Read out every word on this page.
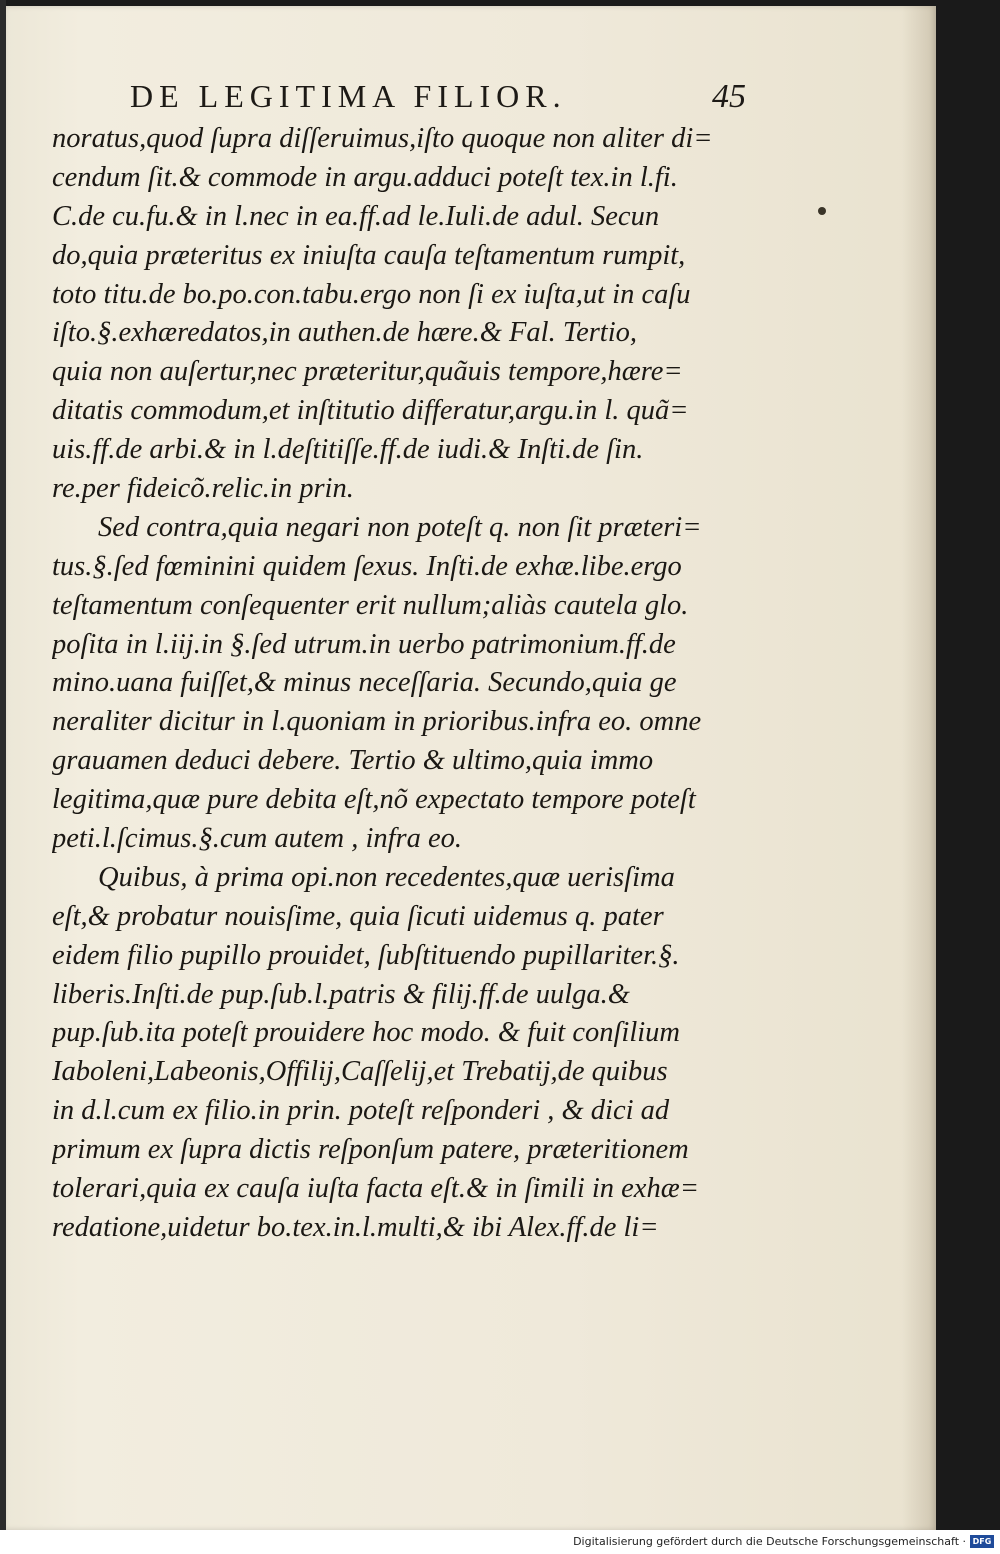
DE LEGITIMA FILIOR.	45
noratus,quod ſupra diſſeruimus,iſto quoque non aliter di=
cendum ſit.& commode in argu.adduci poteſt tex.in l.fi.
C.de cu.fu.& in l.nec in ea.ff.ad le.Iuli.de adul. Secun
do,quia præteritus ex iniuſta cauſa teſtamentum rumpit,
toto titu.de bo.po.con.tabu.ergo non ſi ex iuſta,ut in caſu
iſto.§.exhæredatos,in authen.de hære.& Fal. Tertio,
quia non auſertur,nec præteritur,quãuis tempore,hære=
ditatis commodum,et inſtitutio differatur,argu.in l. quã=
uis.ff.de arbi.& in l.deſtitiſſe.ff.de iudi.& Inſti.de ſin.
re.per fideicõ.relic.in prin.
Sed contra,quia negari non poteſt q. non ſit præteri=
tus.§.ſed fœminini quidem ſexus. Inſti.de exhæ.libe.ergo
teſtamentum conſequenter erit nullum;aliàs cautela glo.
poſita in l.iij.in §.ſed utrum.in uerbo patrimonium.ff.de
mino.uana fuiſſet,& minus neceſſaria. Secundo,quia ge
neraliter dicitur in l.quoniam in prioribus.infra eo. omne
grauamen deduci debere. Tertio & ultimo,quia immo
legitima,quæ pure debita eſt,nõ expectato tempore poteſt
peti.l.ſcimus.§.cum autem , infra eo.
Quibus, à prima opi.non recedentes,quæ uerisſima
eſt,& probatur nouisſime, quia ſicuti uidemus q. pater
eidem filio pupillo prouidet, ſubſtituendo pupillariter.§.
liberis.Inſti.de pup.ſub.l.patris & filij.ff.de uulga.&
pup.ſub.ita poteſt prouidere hoc modo. & fuit conſilium
Iaboleni,Labeonis,Offilij,Caſſelij,et Trebatij,de quibus
in d.l.cum ex filio.in prin. poteſt reſponderi , & dici ad
primum ex ſupra dictis reſponſum patere, præteritionem
tolerari,quia ex cauſa iuſta facta eſt.& in ſimili in exhæ=
redatione,uidetur bo.tex.in.l.multi,& ibi Alex.ff.de li=
Digitalisierung gefördert durch die Deutsche Forschungsgemeinschaft · DFG
